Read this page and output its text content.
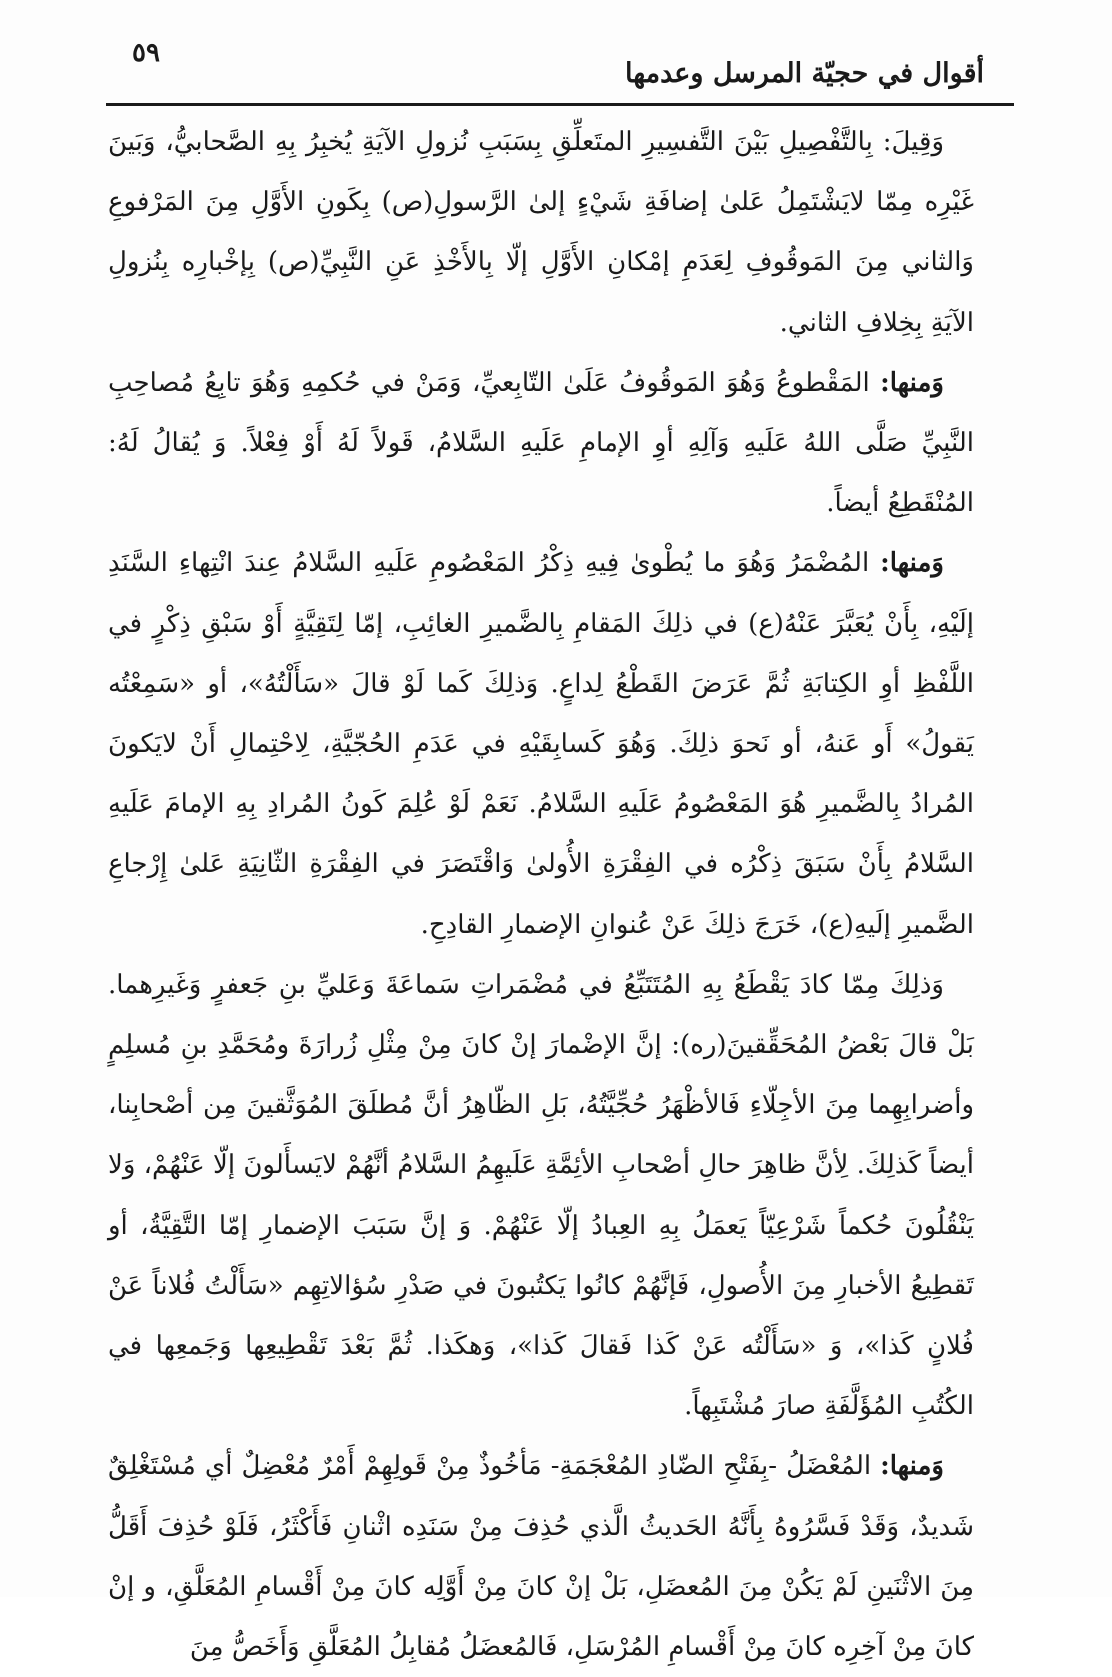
٥٩
أقوال في حجيّة المرسل وعدمها

وَقِيلَ: بِالتَّفْصِيلِ بَيْنَ التَّفسِيرِ المتَعلِّقِ بِسَبَبِ نُزولِ الآيَةِ يُخبِرُ بِهِ الصَّحابيُّ، وَبَينَ غَيْرِه مِمّا لايَشْتَمِلُ عَلىٰ إضافَةِ شَيْءٍ إلىٰ الرَّسولِ(ص) بِكَونِ الأَوَّلِ مِنَ المَرْفوعِ وَالثاني مِنَ المَوقُوفِ لِعَدَمِ إمْكانِ الأَوَّلِ إلّا بِالأَخْذِ عَنِ النَّبِيِّ(ص) بِإخْبارِه بِنُزولِ الآيَةِ بِخِلافِ الثاني.

وَمنها: المَقْطوعُ وَهُوَ المَوقُوفُ عَلَىٰ التّابِعيِّ، وَمَنْ في حُكمِهِ وَهُوَ تابِعُ مُصاحِبِ النَّبِيِّ صَلَّى اللهُ عَلَيهِ وَآلِهِ أوِ الإمامِ عَلَيهِ السَّلامُ، قَولاً لَهُ أَوْ فِعْلاً. وَ يُقالُ لَهُ: المُنْقَطِعُ أيضاً.

وَمنها: المُضْمَرُ وَهُوَ ما يُطْوىٰ فِيهِ ذِكْرُ المَعْصُومِ عَلَيهِ السَّلامُ عِندَ انْتِهاءِ السَّنَدِ إلَيْهِ، بِأَنْ يُعَبَّرَ عَنْهُ(ع) في ذلِكَ المَقامِ بِالضَّميرِ الغائِبِ، إمّا لِتَقِيَّةٍ أَوْ سَبْقِ ذِكْرٍ في اللَّفْظِ أوِ الكِتابَةِ ثُمَّ عَرَضَ القَطْعُ لِداعٍ. وَذلِكَ كَما لَوْ قالَ «سَأَلْتُهُ»، أو «سَمِعْتُه يَقولُ» أَو عَنهُ، أو نَحوَ ذلِكَ. وَهُوَ كَسابِقَيْهِ في عَدَمِ الحُجّيَّةِ، لِاحْتِمالِ أَنْ لايَكونَ المُرادُ بِالضَّميرِ هُوَ المَعْصُومُ عَلَيهِ السَّلامُ. نَعَمْ لَوْ عُلِمَ كَونُ المُرادِ بِهِ الإمامَ عَلَيهِ السَّلامُ بِأَنْ سَبَقَ ذِكْرُه في الفِقْرَةِ الأُولىٰ وَاقْتَصَرَ في الفِقْرَةِ الثّانِيَةِ عَلىٰ إِرْجاعِ الضَّميرِ إلَيهِ(ع)، خَرَجَ ذلِكَ عَنْ عُنوانِ الإضمارِ القادِحِ.

وَذلِكَ مِمّا كادَ يَقْطَعُ بِهِ المُتَتَبِّعُ في مُضْمَراتِ سَماعَةَ وَعَليِّ بنِ جَعفرٍ وَغَيرِهما. بَلْ قالَ بَعْضُ المُحَقِّقينَ(ره): إنَّ الإضْمارَ إنْ كانَ مِنْ مِثْلِ زُرارَةَ ومُحَمَّدِ بنِ مُسلِمٍ وأضرابِهِما مِنَ الأجِلّاءِ فَالأظْهَرُ حُجِّيَّتُهُ، بَلِ الظّاهِرُ أنَّ مُطلَقَ المُوَثَّقينَ مِن أصْحابِنا، أيضاً كَذلِكَ. لِأنَّ ظاهِرَ حالِ أصْحابِ الأئِمَّةِ عَلَيهِمُ السَّلامُ أنَّهُمْ لايَسأَلونَ إلّا عَنْهُمْ، وَلا يَنْقُلُونَ حُكماً شَرْعِيّاً يَعمَلُ بِهِ العِبادُ إلّا عَنْهُمْ. وَ إنَّ سَبَبَ الإضمارِ إمّا التَّقِيَّةُ، أو تَقطِيعُ الأخبارِ مِنَ الأُصولِ، فَإنَّهُمْ كانُوا يَكتُبونَ في صَدْرِ سُؤالاتِهِم «سَأَلْتُ فُلاناً عَنْ فُلانٍ كَذا»، وَ «سَأَلْتُه عَنْ كَذا فَقالَ كَذا»، وَهكَذا. ثُمَّ بَعْدَ تَقْطِيعِها وَجَمعِها في الكُتُبِ المُؤَلَّفَةِ صارَ مُشْتَبِهاً.

وَمنها: المُعْضَلُ -بِفَتْحِ الضّادِ المُعْجَمَةِ- مَأخُوذٌ مِنْ قَولِهِمْ أَمْرٌ مُعْضِلٌ أي مُسْتَغْلِقٌ شَديدٌ، وَقَدْ فَسَّرُوهُ بِأَنَّهُ الحَديثُ الَّذي حُذِفَ مِنْ سَنَدِه اثْنانِ فَأَكْثَرُ، فَلَوْ حُذِفَ أَقَلُّ مِنَ الاثْنَينِ لَمْ يَكُنْ مِنَ المُعضَلِ، بَلْ إنْ كانَ مِنْ أَوَّلِه كانَ مِنْ أَقْسامِ المُعَلَّقِ، و إنْ كانَ مِنْ آخِرِه كانَ مِنْ أَقْسامِ المُرْسَلِ، فَالمُعضَلُ مُقابِلُ المُعَلَّقِ وَأَخَصُّ مِنَ
